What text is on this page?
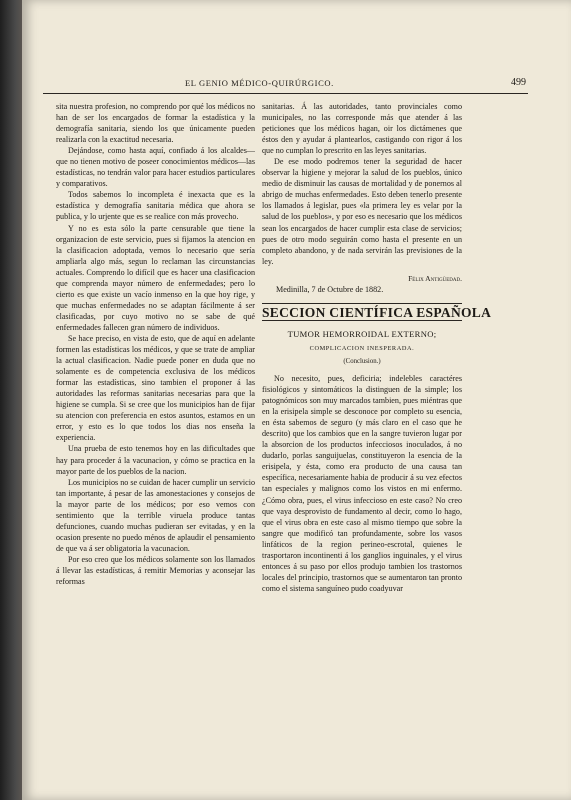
EL GENIO MÉDICO-QUIRÚRGICO.	499

sita nuestra profesion, no comprendo por qué los médicos no han de ser los encargados de formar la estadística y la demografía sanitaria, siendo los que únicamente pueden realizarla con la exactitud necesaria.

Dejándose, como hasta aquí, confiado á los alcaldes—que no tienen motivo de poseer conocimientos médicos—las estadísticas, no tendrán valor para hacer estudios particulares y comparativos.

Todos sabemos lo incompleta é inexacta que es la estadística y demografía sanitaria médica que ahora se publica, y lo urjente que es se realice con más provecho.

Y no es esta sólo la parte censurable que tiene la organizacion de este servicio, pues si fijamos la atencion en la clasificacion adoptada, vemos lo necesario que sería ampliarla algo más, segun lo reclaman las circunstancias actuales. Comprendo lo difícil que es hacer una clasificacion que comprenda mayor número de enfermedades; pero lo cierto es que existe un vacío inmenso en la que hoy rige, y que muchas enfermedades no se adaptan fácilmente á ser clasificadas, por cuyo motivo no se sabe de qué enfermedades fallecen gran número de individuos.

Se hace preciso, en vista de esto, que de aquí en adelante formen las estadísticas los médicos, y que se trate de ampliar la actual clasificacion. Nadie puede poner en duda que no solamente es de competencia exclusiva de los médicos formar las estadísticas, sino tambien el proponer á las autoridades las reformas sanitarias necesarias para que la higiene se cumpla. Si se cree que los municipios han de fijar su atencion con preferencia en estos asuntos, estamos en un error, y esto es lo que todos los dias nos enseña la experiencia.

Una prueba de esto tenemos hoy en las dificultades que hay para proceder á la vacunacion, y cómo se practica en la mayor parte de los pueblos de la nacion.

Los municipios no se cuidan de hacer cumplir un servicio tan importante, á pesar de las amonestaciones y consejos de la mayor parte de los médicos; por eso vemos con sentimiento que la terrible viruela produce tantas defunciones, cuando muchas pudieran ser evitadas, y en la ocasion presente no puedo ménos de aplaudir el pensamiento de que va á ser obligatoria la vacunacion.

Por eso creo que los médicos solamente son los llamados á llevar las estadísticas, á remitir Memorias y aconsejar las reformas

sanitarias. Á las autoridades, tanto provinciales como municipales, no las corresponde más que atender á las peticiones que los médicos hagan, oir los dictámenes que éstos den y ayudar á plantearlos, castigando con rigor á los que no cumplan lo prescrito en las leyes sanitarias.

De ese modo podremos tener la seguridad de hacer observar la higiene y mejorar la salud de los pueblos, único medio de disminuir las causas de mortalidad y de ponernos al abrigo de muchas enfermedades. Esto deben tenerlo presente los llamados á legislar, pues «la primera ley es velar por la salud de los pueblos», y por eso es necesario que los médicos sean los encargados de hacer cumplir esta clase de servicios; pues de otro modo seguirán como hasta el presente en un completo abandono, y de nada servirán las previsiones de la ley.

Félix Antigüedad.

Medinilla, 7 de Octubre de 1882.

SECCION CIENTÍFICA ESPAÑOLA
TUMOR HEMORROIDAL EXTERNO;
COMPLICACION INESPERADA.
(Conclusion.)

No necesito, pues, deficiria; indelebles caractéres fisiológicos y sintomáticos la distinguen de la simple; los patognómicos son muy marcados tambien, pues miéntras que en la erisipela simple se desconoce por completo su esencia, en ésta sabemos de seguro (y más claro en el caso que he descrito) que los cambios que en la sangre tuvieron lugar por la absorcion de los productos infecciosos inoculados, á no dudarlo, porlas sanguijuelas, constituyeron la esencia de la erisipela, y ésta, como era producto de una causa tan específica, necesariamente habia de producir á su vez efectos tan especiales y malignos como los vistos en mi enfermo. ¿Cómo obra, pues, el virus infeccioso en este caso? No creo que vaya desprovisto de fundamento al decir, como lo hago, que el virus obra en este caso al mismo tiempo que sobre la sangre que modificó tan profundamente, sobre los vasos linfáticos de la region perineo-escrotal, quienes le trasportaron incontinenti á los ganglios inguinales, y el virus entonces á su paso por ellos produjo tambien los trastornos locales del principio, trastornos que se aumentaron tan pronto como el sistema sanguíneo pudo coadyuvar
